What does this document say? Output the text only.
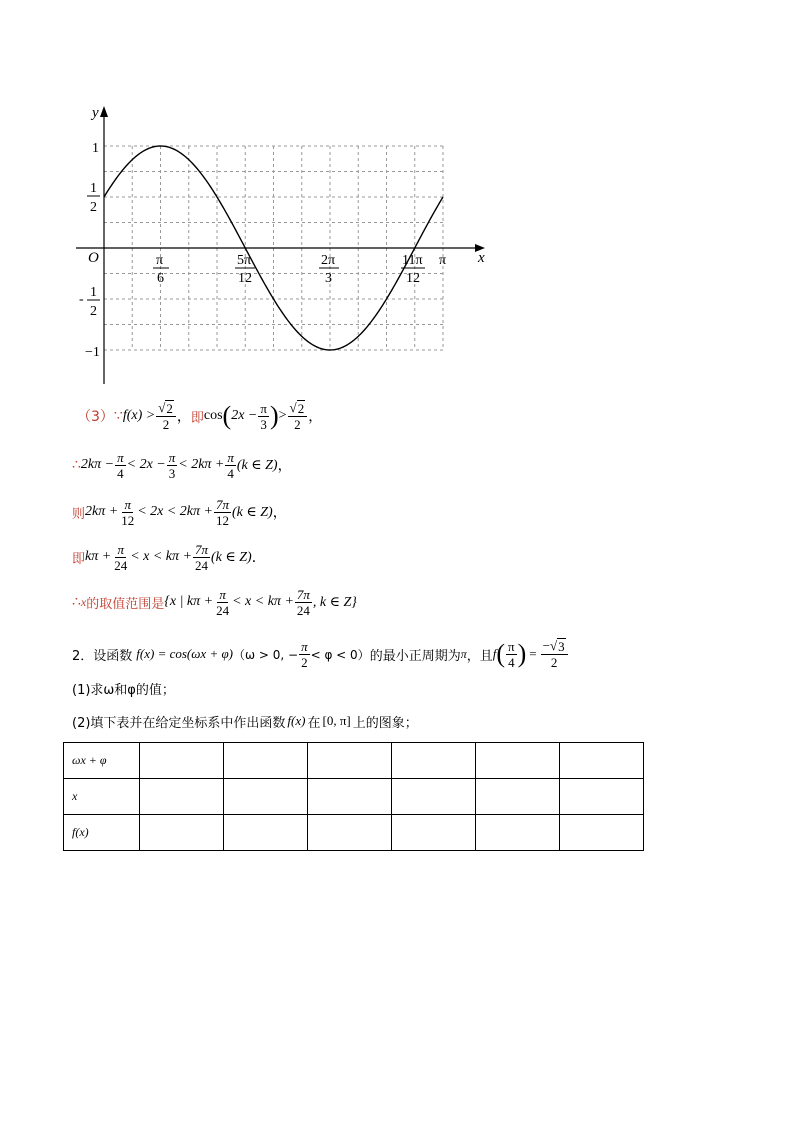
y
x
O
1
1
2
- 1
2
−1
π
6
5π
12
2π
3
11π
12
π
（3） ∵ $f(x) > \frac{√ 2}{2}$ ， 即 cos ( $2x - \frac{\pi}{3}$ ) > $\frac{√ 2}{2}$ ，
∴ $2k\pi - \frac{\pi}{4} < 2x - \frac{\pi}{3} < 2k\pi + \frac{\pi}{4} (k$ ∈ Z) ，
则 $2k\pi + \frac{\pi}{12} < 2x < 2k\pi + \frac{7\pi}{12} (k$ ∈ Z) ，
即 $k\pi + \frac{\pi}{24} < x < k\pi + \frac{7\pi}{24} (k$ ∈ Z) ．
∴ x 的取值范围是 {x | $k\pi + \frac{\pi}{24} < x < k\pi + \frac{7\pi}{24}$ , k ∈ Z}
2．设函数 f(x) = cos(ωx + φ) （ω > 0, − $\frac{\pi}{2} < \varphi < 0$） 的最小正周期为 π ，且 f ( $\frac{\pi}{4}$ ) = $\frac{-√ 3}{2}$
(1)求ω和φ的值；
(2)填下表并在给定坐标系中作出函数 f(x) 在 [0, π] 上的图象；
ωx + φ						
x						
f(x)						
